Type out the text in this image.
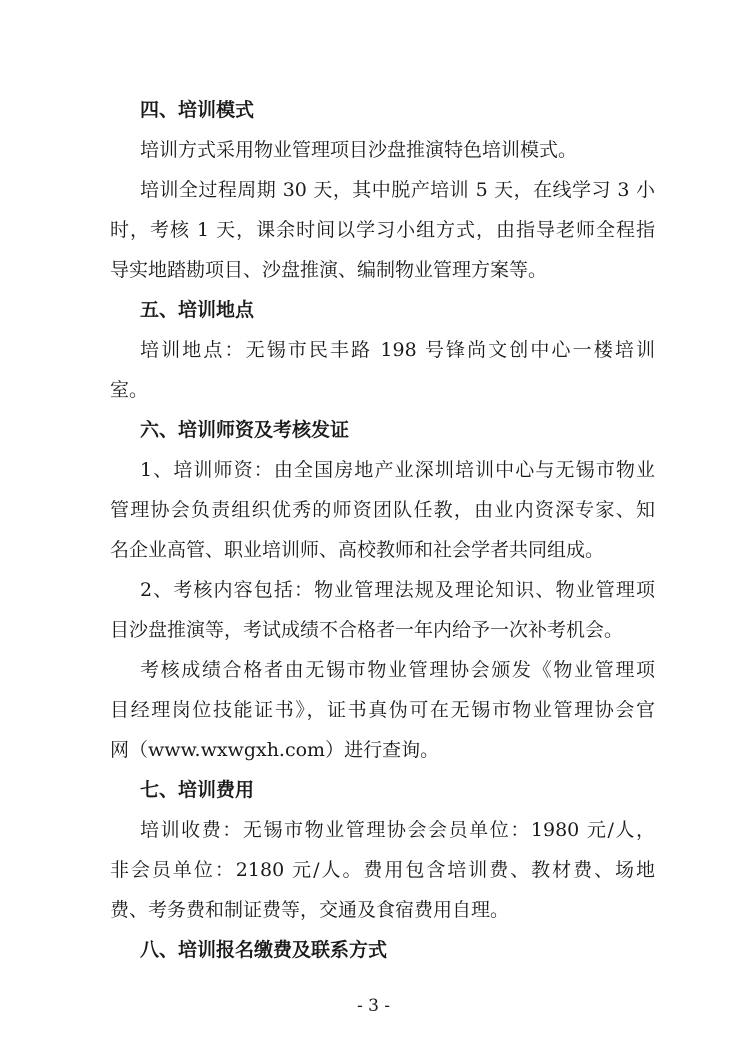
四、培训模式
培训方式采用物业管理项目沙盘推演特色培训模式。
培训全过程周期 30 天，其中脱产培训 5 天，在线学习 3 小
时，考核 1 天，课余时间以学习小组方式，由指导老师全程指
导实地踏勘项目、沙盘推演、编制物业管理方案等。
五、培训地点
培训地点：无锡市民丰路 198 号锋尚文创中心一楼培训
室。
六、培训师资及考核发证
1、培训师资：由全国房地产业深圳培训中心与无锡市物业
管理协会负责组织优秀的师资团队任教，由业内资深专家、知
名企业高管、职业培训师、高校教师和社会学者共同组成。
2、考核内容包括：物业管理法规及理论知识、物业管理项
目沙盘推演等，考试成绩不合格者一年内给予一次补考机会。
考核成绩合格者由无锡市物业管理协会颁发《物业管理项
目经理岗位技能证书》，证书真伪可在无锡市物业管理协会官
网（www.wxwgxh.com）进行查询。
七、培训费用
培训收费：无锡市物业管理协会会员单位：1980 元/人，
非会员单位：2180 元/人。费用包含培训费、教材费、场地
费、考务费和制证费等，交通及食宿费用自理。
八、培训报名缴费及联系方式
- 3 -
